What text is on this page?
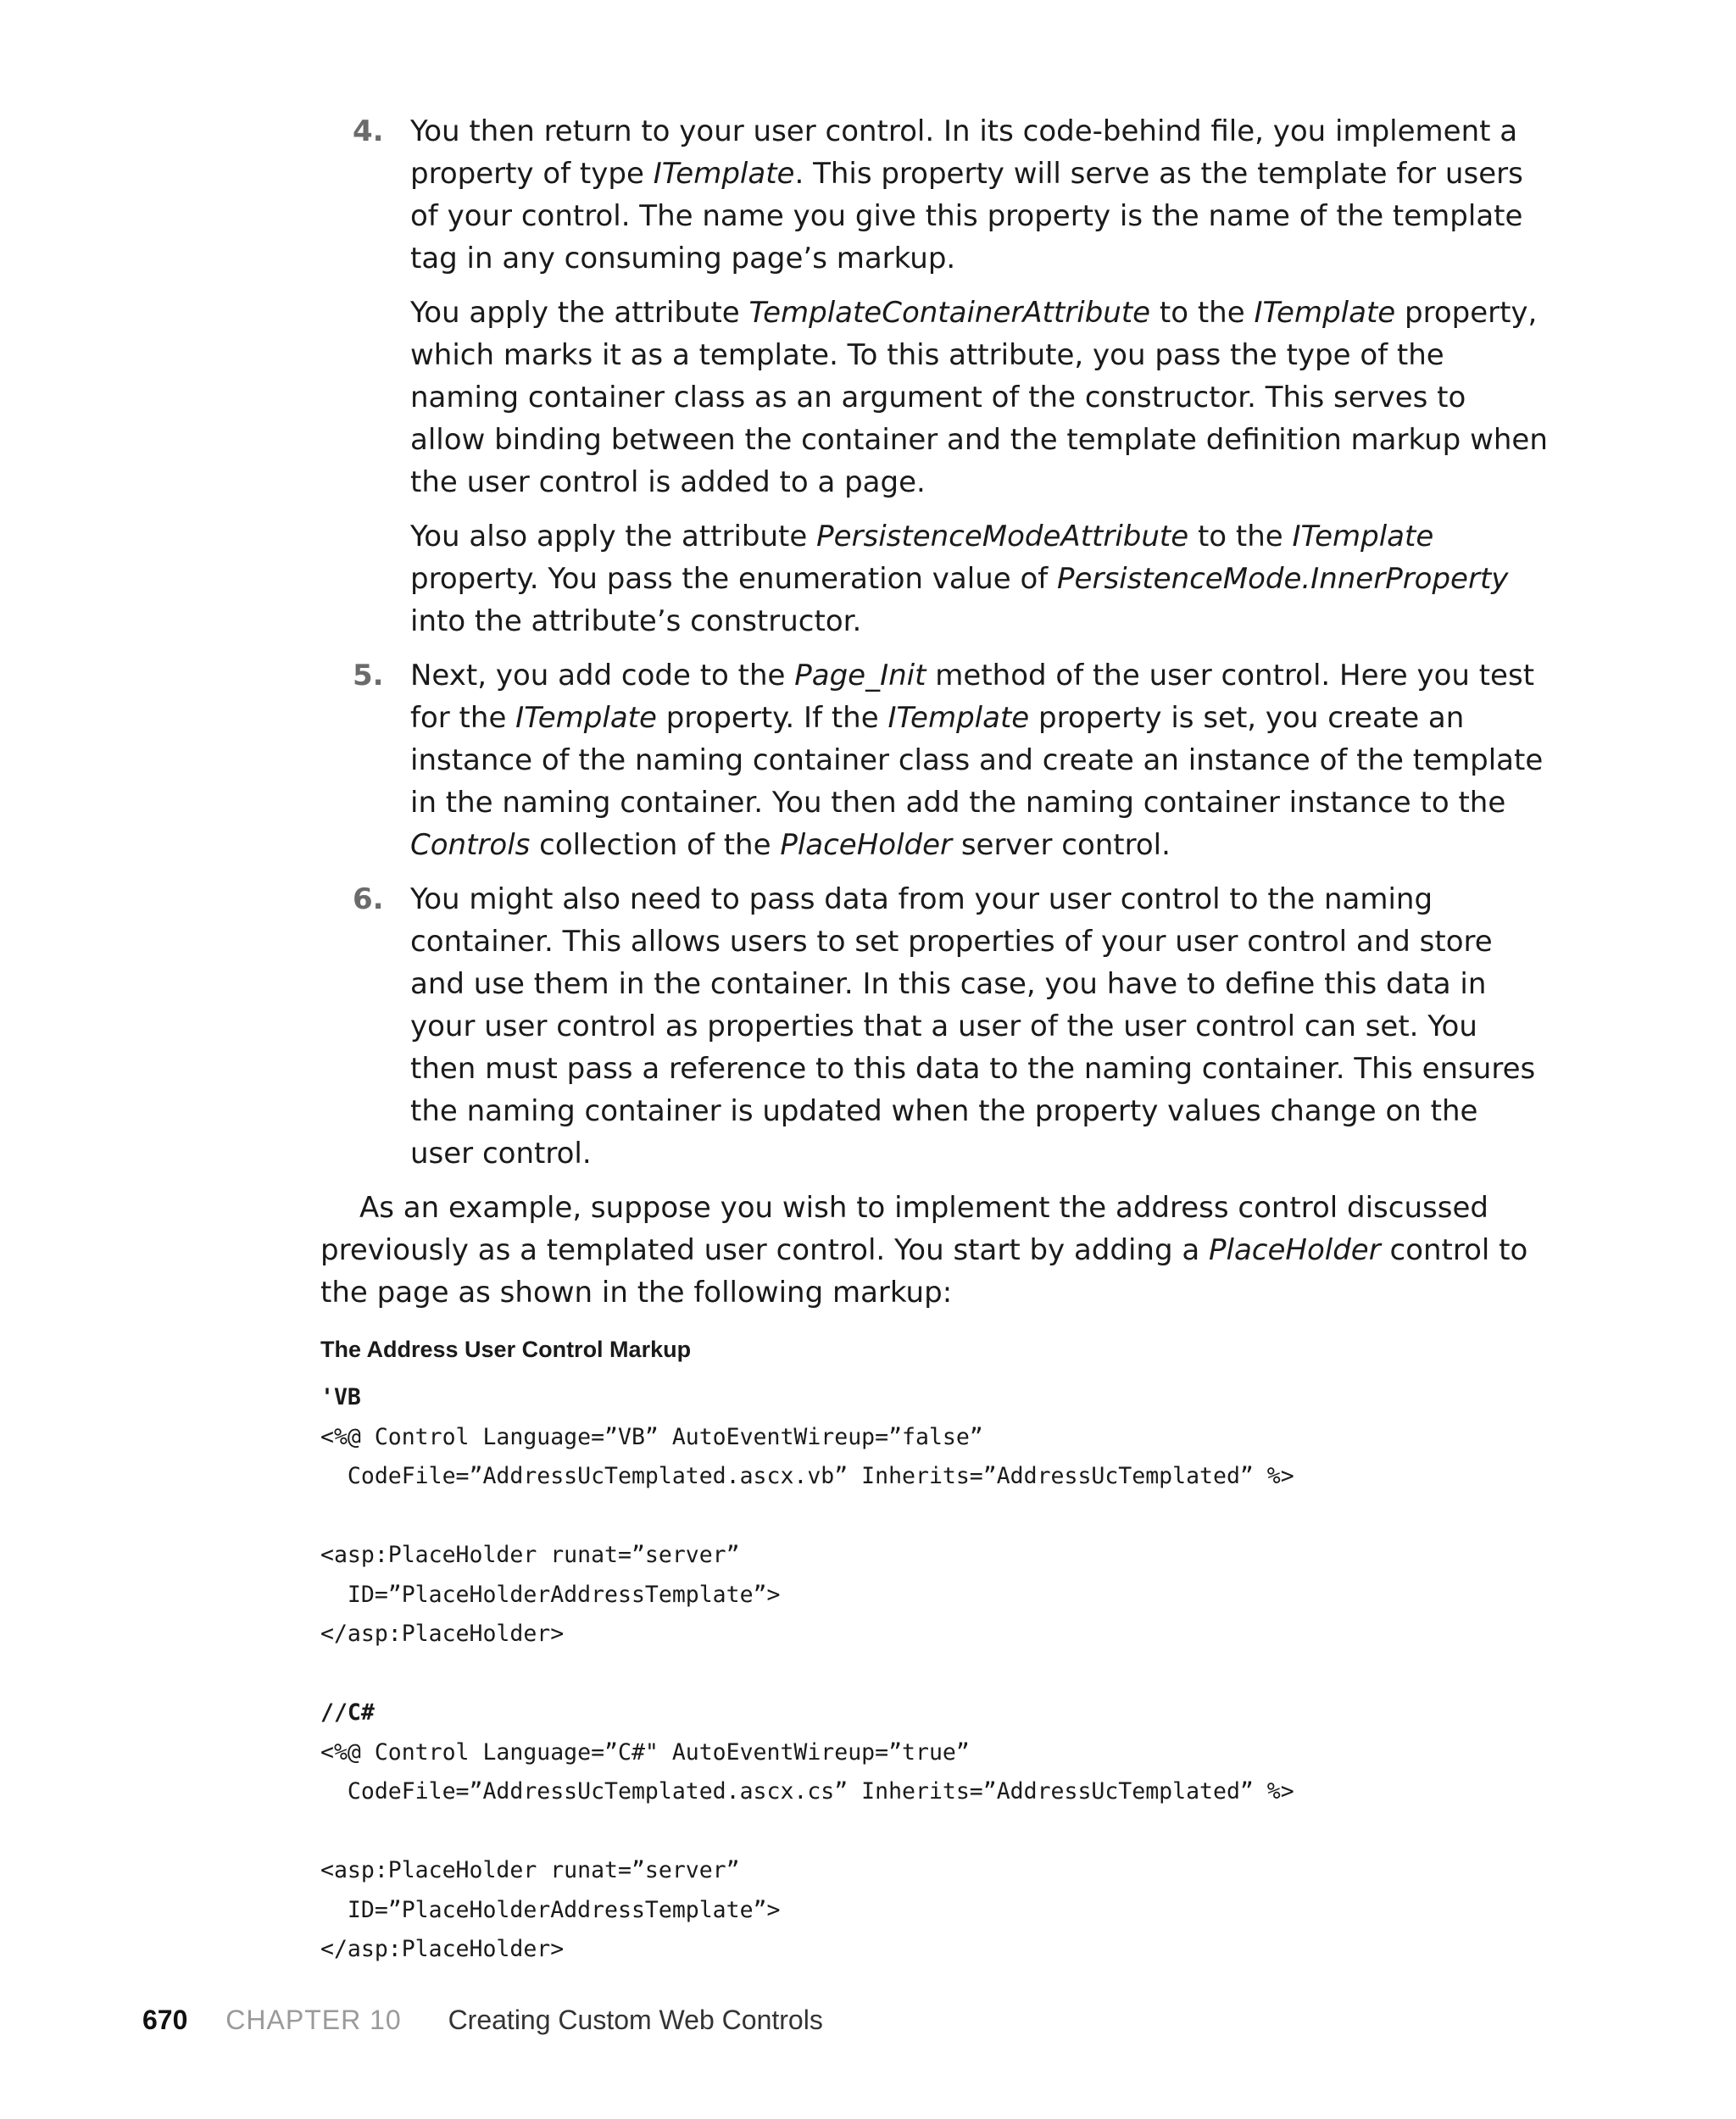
4. You then return to your user control. In its code-behind file, you implement a property of type ITemplate. This property will serve as the template for users of your control. The name you give this property is the name of the template tag in any consuming page’s markup.

You apply the attribute TemplateContainerAttribute to the ITemplate property, which marks it as a template. To this attribute, you pass the type of the naming container class as an argument of the constructor. This serves to allow binding between the container and the template definition markup when the user control is added to a page.

You also apply the attribute PersistenceModeAttribute to the ITemplate property. You pass the enumeration value of PersistenceMode.InnerProperty into the attribute’s constructor.

5. Next, you add code to the Page_Init method of the user control. Here you test for the ITemplate property. If the ITemplate property is set, you create an instance of the naming container class and create an instance of the template in the naming container. You then add the naming container instance to the Controls collection of the PlaceHolder server control.

6. You might also need to pass data from your user control to the naming container. This allows users to set properties of your user control and store and use them in the container. In this case, you have to define this data in your user control as properties that a user of the user control can set. You then must pass a reference to this data to the naming container. This ensures the naming container is updated when the property values change on the user control.

As an example, suppose you wish to implement the address control discussed previously as a templated user control. You start by adding a PlaceHolder control to the page as shown in the following markup:

The Address User Control Markup
'VB
<%@ Control Language=”VB” AutoEventWireup=”false”
CodeFile=”AddressUcTemplated.ascx.vb” Inherits=”AddressUcTemplated” %>
<asp:PlaceHolder runat=”server”
ID=”PlaceHolderAddressTemplate”>
</asp:PlaceHolder>
//C#
<%@ Control Language=”C#" AutoEventWireup=”true”
CodeFile=”AddressUcTemplated.ascx.cs” Inherits=”AddressUcTemplated” %>
<asp:PlaceHolder runat=”server”
ID=”PlaceHolderAddressTemplate”>
</asp:PlaceHolder>
670 CHAPTER 10 Creating Custom Web Controls
